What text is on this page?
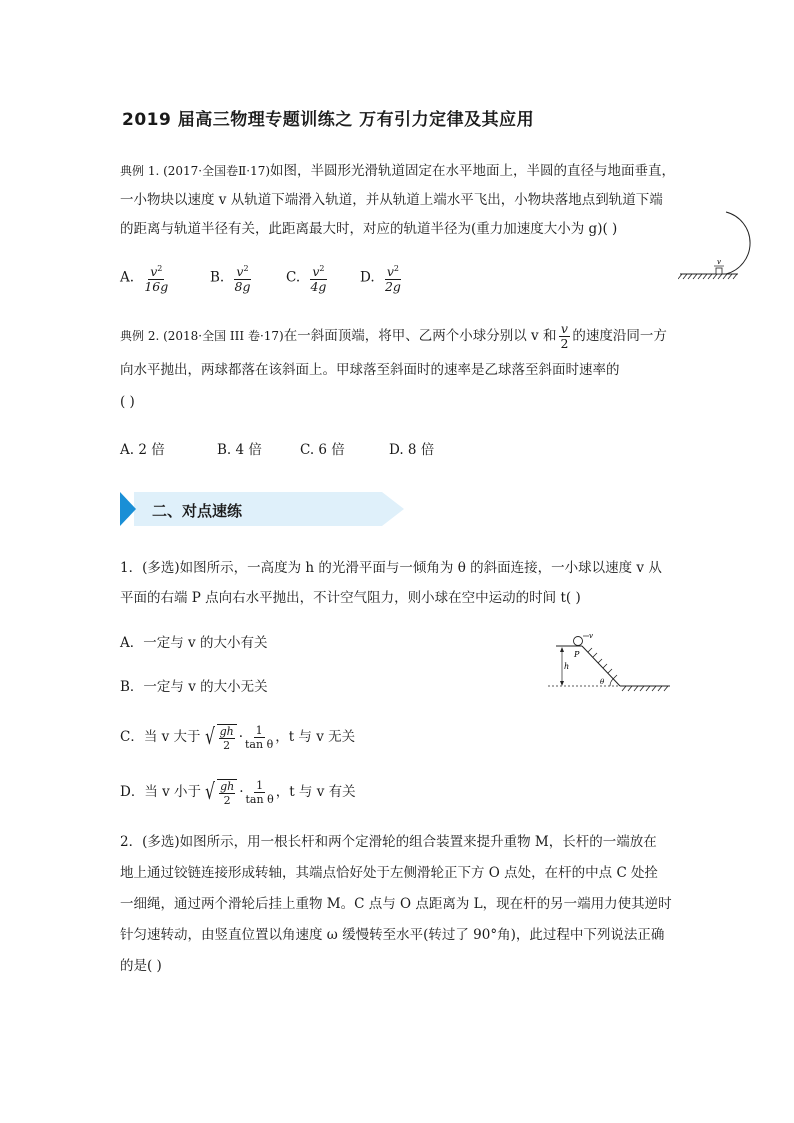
2019 届高三物理专题训练之 万有引力定律及其应用
典例 1. (2017·全国卷Ⅱ·17)如图，半圆形光滑轨道固定在水平地面上，半圆的直径与地面垂直，
一小物块以速度 v 从轨道下端滑入轨道，并从轨道上端水平飞出，小物块落地点到轨道下端
的距离与轨道半径有关，此距离最大时，对应的轨道半径为(重力加速度大小为 g)( )
A. $\frac{v^2}{16g}$	B. $\frac{v^2}{8g} C$. $\frac{v^2}{4g} D$. $\frac{v^2}{2g}$	v
典例 2. (2018·全国 III 卷·17)在一斜面顶端，将甲、乙两个小球分别以 v 和 $\frac{v}{2}$ 的速度沿同一方
向水平抛出，两球都落在该斜面上。甲球落至斜面时的速率是乙球落至斜面时速率的
( )
A. 2 倍	B. 4 倍	C. 6 倍	D. 8 倍
二、对点速练
1．(多选)如图所示，一高度为 h 的光滑平面与一倾角为 θ 的斜面连接，一小球以速度 v 从
平面的右端 P 点向右水平抛出，不计空气阻力，则小球在空中运动的时间 t( )
A．一定与 v 的大小有关
B．一定与 v 的大小无关
C．当 v 大于 √ gh
$2 \cdot \frac{1}{\text{tan θ}}$ ，t 与 v 无关
D．当 v 小于 √ gh
$2 \cdot \frac{1}{\text{tan θ}}$ ，t 与 v 有关
v
P
h
θ
2．(多选)如图所示，用一根长杆和两个定滑轮的组合装置来提升重物 M，长杆的一端放在
地上通过铰链连接形成转轴，其端点恰好处于左侧滑轮正下方 O 点处，在杆的中点 C 处拴
一细绳，通过两个滑轮后挂上重物 M。C 点与 O 点距离为 L，现在杆的另一端用力使其逆时
针匀速转动，由竖直位置以角速度 ω 缓慢转至水平(转过了 90°角)，此过程中下列说法正确
的是( )
